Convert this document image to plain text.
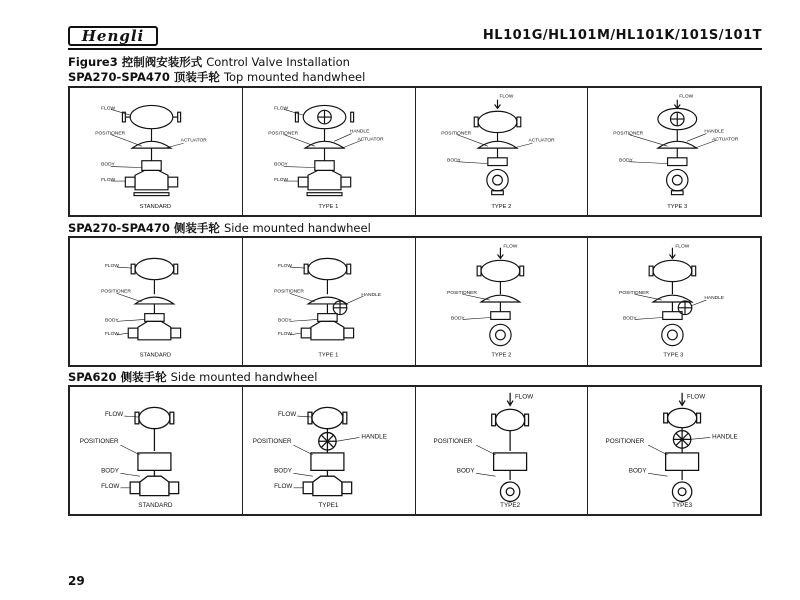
Hengli	HL101G/HL101M/HL101K/101S/101T
Figure3 控制阀安装形式 Control Valve Installation
SPA270-SPA470 顶装手轮 Top mounted handwheel
FLOW
POSITIONER
ACTUATOR
BODY
FLOW
STANDARD
FLOW
POSITIONER	HANDLE
ACTUATOR
BODY
FLOW
TYPE 1
FLOW
POSITIONER
ACTUATOR
BODY
TYPE 2
FLOW
POSITIONER	HANDLE
ACTUATOR
BODY
TYPE 3
SPA270-SPA470 侧装手轮 Side mounted handwheel
FLOW
POSITIONER
BODY
FLOW
STANDARD
FLOW
POSITIONER
HANDLE
BODY
FLOW
TYPE 1
FLOW
POSITIONER
BODY
TYPE 2
FLOW
POSITIONER
HANDLE
BODY
TYPE 3
SPA620 侧装手轮 Side mounted handwheel
FLOW
POSITIONER
BODY
FLOW
STANDARD
FLOW
POSITIONER
HANDLE
BODY
FLOW
TYPE1
FLOW
POSITIONER
BODY
TYPE2
FLOW
POSITIONER
HANDLE
BODY
TYPE3
29
